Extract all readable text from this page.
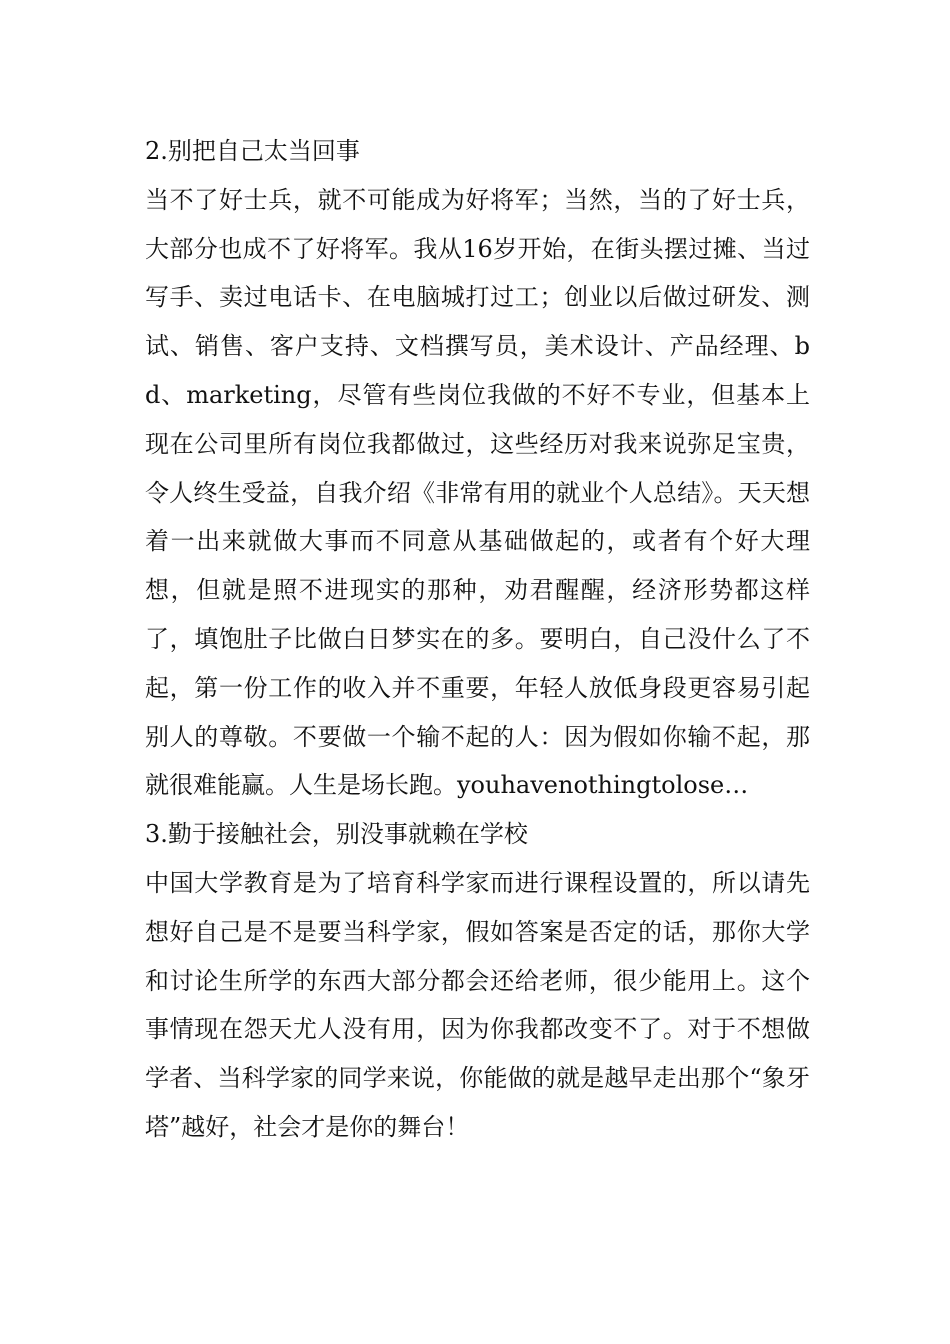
2.别把自己太当回事

当不了好士兵，就不可能成为好将军；当然，当的了好士兵，大部分也成不了好将军。我从16岁开始，在街头摆过摊、当过写手、卖过电话卡、在电脑城打过工；创业以后做过研发、测试、销售、客户支持、文档撰写员，美术设计、产品经理、bd、marketing，尽管有些岗位我做的不好不专业，但基本上现在公司里所有岗位我都做过，这些经历对我来说弥足宝贵，令人终生受益，自我介绍《非常有用的就业个人总结》。天天想着一出来就做大事而不同意从基础做起的，或者有个好大理想，但就是照不进现实的那种，劝君醒醒，经济形势都这样了，填饱肚子比做白日梦实在的多。要明白，自己没什么了不起，第一份工作的收入并不重要，年轻人放低身段更容易引起别人的尊敬。不要做一个输不起的人：因为假如你输不起，那就很难能赢。人生是场长跑。youhavenothingtolose…

3.勤于接触社会，别没事就赖在学校

中国大学教育是为了培育科学家而进行课程设置的，所以请先想好自己是不是要当科学家，假如答案是否定的话，那你大学和讨论生所学的东西大部分都会还给老师，很少能用上。这个事情现在怨天尤人没有用，因为你我都改变不了。对于不想做学者、当科学家的同学来说，你能做的就是越早走出那个“象牙塔”越好，社会才是你的舞台！
